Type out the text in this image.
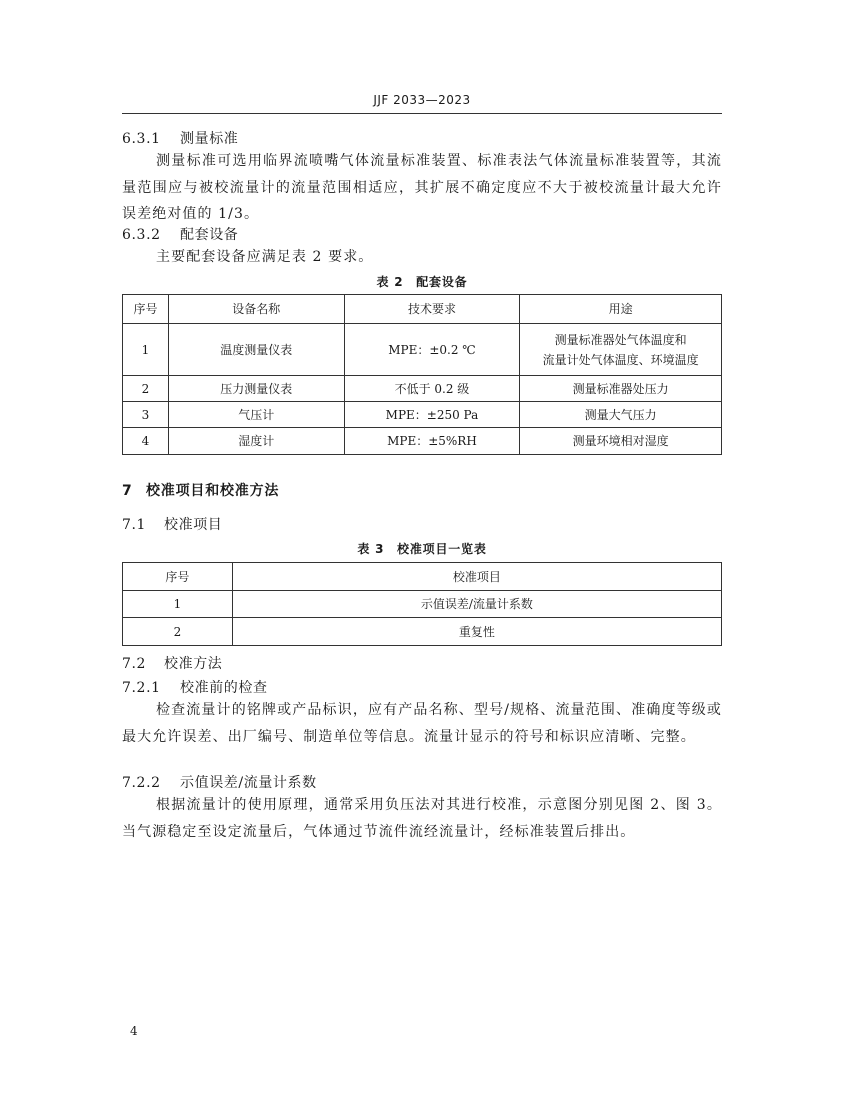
JJF 2033—2023
6.3.1 测量标准

测量标准可选用临界流喷嘴气体流量标准装置、标准表法气体流量标准装置等，其流量范围应与被校流量计的流量范围相适应，其扩展不确定度应不大于被校流量计最大允许误差绝对值的 1/3。

6.3.2 配套设备

主要配套设备应满足表 2 要求。

表 2　配套设备
序号	设备名称	技术要求	用途
1	温度测量仪表	MPE：±0.2 ℃	测量标准器处气体温度和
流量计处气体温度、环境温度

2	压力测量仪表	不低于 0.2 级	测量标准器处压力
3	气压计	MPE：±250 Pa	测量大气压力
4	湿度计	MPE：±5%RH	测量环境相对湿度
7 校准项目和校准方法
7.1 校准项目
表 3　校准项目一览表
序号	校准项目
1	示值误差/流量计系数
2	重复性
7.2 校准方法
7.2.1 校准前的检查

检查流量计的铭牌或产品标识，应有产品名称、型号/规格、流量范围、准确度等级或最大允许误差、出厂编号、制造单位等信息。流量计显示的符号和标识应清晰、完整。

7.2.2 示值误差/流量计系数

根据流量计的使用原理，通常采用负压法对其进行校准，示意图分别见图 2、图 3。当气源稳定至设定流量后，气体通过节流件流经流量计，经标准装置后排出。

4
